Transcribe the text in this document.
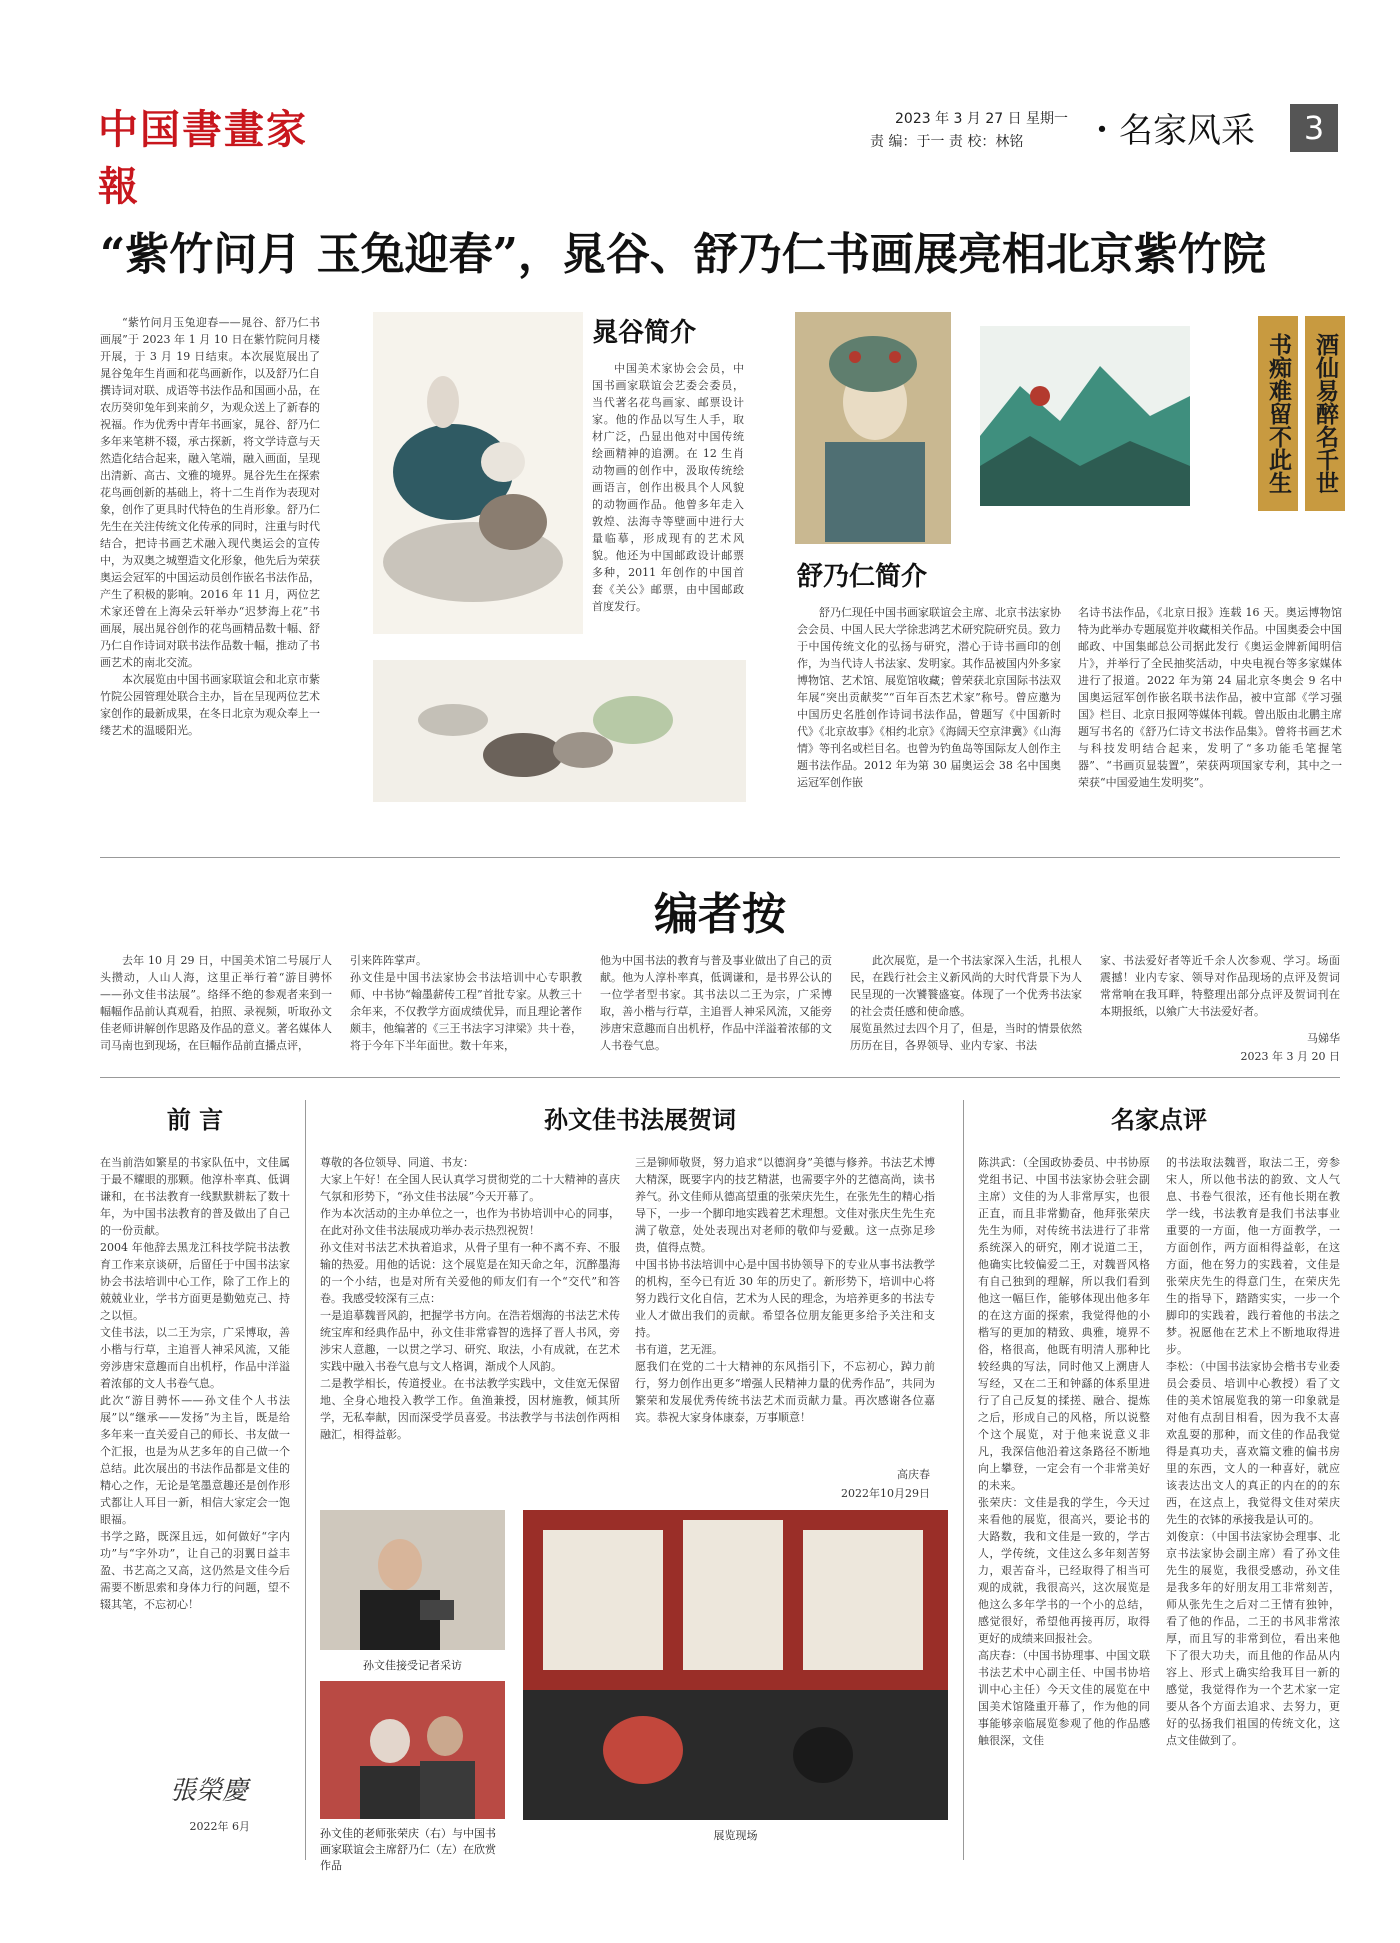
中国書畫家報
2023 年 3 月 27 日 星期一
责 编：于一 责 校：林铭	・名家风采	3
“紫竹问月 玉兔迎春”，晁谷、舒乃仁书画展亮相北京紫竹院
“紫竹问月玉兔迎春——晁谷、舒乃仁书画展”于 2023 年 1 月 10 日在紫竹院问月楼开展，于 3 月 19 日结束。本次展览展出了晁谷兔年生肖画和花鸟画新作，以及舒乃仁自撰诗词对联、成语等书法作品和国画小品，在农历癸卯兔年到来前夕，为观众送上了新春的祝福。作为优秀中青年书画家，晁谷、舒乃仁多年来笔耕不辍，承古探新，将文学诗意与天然造化结合起来，融入笔端，融入画面，呈现出清新、高古、文雅的境界。晁谷先生在探索花鸟画创新的基础上，将十二生肖作为表现对象，创作了更具时代特色的生肖形象。舒乃仁先生在关注传统文化传承的同时，注重与时代结合，把诗书画艺术融入现代奥运会的宣传中，为双奥之城塑造文化形象，他先后为荣获奥运会冠军的中国运动员创作嵌名书法作品，产生了积极的影响。2016 年 11 月，两位艺术家还曾在上海朵云轩举办“迟梦海上花”书画展，展出晁谷创作的花鸟画精品数十幅、舒乃仁自作诗词对联书法作品数十幅，推动了书画艺术的南北交流。
本次展览由中国书画家联谊会和北京市紫竹院公园管理处联合主办，旨在呈现两位艺术家创作的最新成果，在冬日北京为观众奉上一缕艺术的温暖阳光。
晁谷简介
中国美术家协会会员，中国书画家联谊会艺委会委员，当代著名花鸟画家、邮票设计家。他的作品以写生人手，取材广泛，凸显出他对中国传统绘画精神的追溯。在 12 生肖动物画的创作中，汲取传统绘画语言，创作出极具个人风貌的动物画作品。他曾多年走入敦煌、法海寺等壁画中进行大量临摹，形成现有的艺术风貌。他还为中国邮政设计邮票多种，2011 年创作的中国首套《关公》邮票，由中国邮政首度发行。
书痴难留不此生 酒仙易醉名千世
舒乃仁简介
舒乃仁现任中国书画家联谊会主席、北京书法家协会会员、中国人民大学徐悲鸿艺术研究院研究员。致力于中国传统文化的弘扬与研究，潜心于诗书画印的创作，为当代诗人书法家、发明家。其作品被国内外多家博物馆、艺术馆、展览馆收藏；曾荣获北京国际书法双年展“突出贡献奖”“百年百杰艺术家”称号。曾应邀为中国历史名胜创作诗词书法作品，曾题写《中国新时代》《北京故事》《相约北京》《海阔天空京津冀》《山海情》等刊名或栏目名。也曾为钓鱼岛等国际友人创作主题书法作品。2012 年为第 30 届奥运会 38 名中国奥运冠军创作嵌
名诗书法作品，《北京日报》连载 16 天。奥运博物馆特为此举办专题展览并收藏相关作品。中国奥委会中国邮政、中国集邮总公司据此发行《奥运金牌新闻明信片》，并举行了全民抽奖活动，中央电视台等多家媒体进行了报道。2022 年为第 24 届北京冬奥会 9 名中国奥运冠军创作嵌名联书法作品，被中宣部《学习强国》栏目、北京日报网等媒体刊载。曾出版由北鹏主席题写书名的《舒乃仁诗文书法作品集》。曾将书画艺术与科技发明结合起来，发明了“多功能毛笔握笔器”、“书画页显装置”，荣获两项国家专利，其中之一荣获“中国爱迪生发明奖”。
编者按
去年 10 月 29 日，中国美术馆二号展厅人头攒动，人山人海，这里正举行着“游目骋怀——孙文佳书法展”。络绎不绝的参观者来到一幅幅作品前认真观看，拍照、录视频，听取孙文佳老师讲解创作思路及作品的意义。著名媒体人司马南也到现场，在巨幅作品前直播点评，
引来阵阵掌声。
孙文佳是中国书法家协会书法培训中心专职教师、中书协“翰墨薪传工程”首批专家。从教三十余年来，不仅教学方面成绩优异，而且理论著作颇丰，他编著的《三王书法字习津梁》共十卷，将于今年下半年面世。数十年来，
他为中国书法的教育与普及事业做出了自己的贡献。他为人淳朴率真，低调谦和，是书界公认的一位学者型书家。其书法以二王为宗，广采博取，善小楷与行草，主追晋人神采风流，又能旁涉唐宋意趣而自出机杼，作品中洋溢着浓郁的文人书卷气息。
此次展览，是一个书法家深入生活，扎根人民，在践行社会主义新风尚的大时代背景下为人民呈现的一次饕餮盛宴。体现了一个优秀书法家的社会责任感和使命感。
展览虽然过去四个月了，但是，当时的情景依然历历在目，各界领导、业内专家、书法
家、书法爱好者等近千余人次参观、学习。场面震撼！业内专家、领导对作品现场的点评及贺词常常响在我耳畔，特整理出部分点评及贺词刊在本期报纸，以飨广大书法爱好者。
马娣华
2023 年 3 月 20 日
前 言
在当前浩如繁星的书家队伍中，文佳属于最不耀眼的那颗。他淳朴率真、低调谦和，在书法教育一线默默耕耘了数十年，为中国书法教育的普及做出了自己的一份贡献。
2004 年他辞去黑龙江科技学院书法教育工作来京谈研，后留任于中国书法家协会书法培训中心工作，除了工作上的兢兢业业，学书方面更是勤勉克己、持之以恒。
文佳书法，以二王为宗，广采博取，善小楷与行草，主追晋人神采风流，又能旁涉唐宋意趣而自出机杼，作品中洋溢着浓郁的文人书卷气息。
此次“游目骋怀——孙文佳个人书法展”以“继承——发扬”为主旨，既是给多年来一直关爱自己的师长、书友做一个汇报，也是为从艺多年的自己做一个总结。此次展出的书法作品都是文佳的精心之作，无论是笔墨意趣还是创作形式都让人耳目一新，相信大家定会一饱眼福。
书学之路，既深且远，如何做好“字内功”与“字外功”，让自己的羽翼日益丰盈、书艺高之又高，这仍然是文佳今后需要不断思索和身体力行的问题，望不辍其笔，不忘初心！
張榮慶
2022年 6月
孙文佳书法展贺词
尊敬的各位领导、同道、书友：
大家上午好！在全国人民认真学习贯彻党的二十大精神的喜庆气氛和形势下，“孙文佳书法展”今天开幕了。
作为本次活动的主办单位之一，也作为书协培训中心的同事，在此对孙文佳书法展成功举办表示热烈祝贺！
孙文佳对书法艺术执着追求，从骨子里有一种不离不弃、不服输的热爱。用他的话说：这个展览是在知天命之年，沉醉墨海的一个小结，也是对所有关爱他的师友们有一个“交代”和答卷。我感受较深有三点：
一是追摹魏晋风韵，把握学书方向。在浩若烟海的书法艺术传统宝库和经典作品中，孙文佳非常睿智的选择了晋人书风，旁涉宋人意趣，一以贯之学习、研究、取法，小有成就，在艺术实践中融入书卷气息与文人格调，渐成个人风韵。
二是教学相长，传道授业。在书法教学实践中，文佳宽无保留地、全身心地投入教学工作。鱼渔兼授，因材施教，倾其所学，无私奉献，因而深受学员喜爱。书法教学与书法创作两相融汇，相得益彰。
三是铆师敬贤，努力追求“以德润身”美德与修养。书法艺术博大精深，既要字内的技艺精湛，也需要字外的艺德高尚，读书养气。孙文佳师从德高望重的张荣庆先生，在张先生的精心指导下，一步一个脚印地实践着艺术理想。文佳对张庆生先生充满了敬意，处处表现出对老师的敬仰与爱戴。这一点弥足珍贵，值得点赞。
中国书协书法培训中心是中国书协领导下的专业从事书法教学的机构，至今已有近 30 年的历史了。新形势下，培训中心将努力践行文化自信，艺术为人民的理念，为培养更多的书法专业人才做出我们的贡献。希望各位朋友能更多给予关注和支持。
书有道，艺无涯。
愿我们在党的二十大精神的东风指引下，不忘初心，踔力前行，努力创作出更多“增强人民精神力量的优秀作品”，共同为繁荣和发展优秀传统书法艺术而贡献力量。再次感谢各位嘉宾。恭祝大家身体康泰，万事顺意！
高庆春
2022年10月29日
孙文佳接受记者采访
孙文佳的老师张荣庆（右）与中国书画家联谊会主席舒乃仁（左）在欣赏作品
展览现场
名家点评
陈洪武：（全国政协委员、中书协原党组书记、中国书法家协会驻会副主席）文佳的为人非常厚实，也很正直，而且非常勤奋，他拜张荣庆先生为师，对传统书法进行了非常系统深入的研究，刚才说道二王，他确实比较偏爱二王，对魏晋风格有自己独到的理解，所以我们看到他这一幅巨作，能够体现出他多年的在这方面的探索，我觉得他的小楷写的更加的精致、典雅，境界不俗，格很高，他既有明清人那种比较经典的写法，同时他又上溯唐人写经，又在二王和钟繇的体系里进行了自己反复的揉搓、融合、提炼之后，形成自己的风格，所以说整个这个展览，对于他来说意义非凡，我深信他沿着这条路径不断地向上攀登，一定会有一个非常美好的未来。
张荣庆：文佳是我的学生，今天过来看他的展览，很高兴，要论书的大路数，我和文佳是一致的，学古人，学传统，文佳这么多年刻苦努力，艰苦奋斗，已经取得了相当可观的成就，我很高兴，这次展览是他这么多年学书的一个小的总结，感觉很好，希望他再接再厉，取得更好的成绩来回报社会。
高庆春：（中国书协理事、中国文联书法艺术中心副主任、中国书协培训中心主任）今天文佳的展览在中国美术馆隆重开幕了，作为他的同事能够亲临展览参观了他的作品感触很深，文佳
的书法取法魏晋，取法二王，旁参宋人，所以他书法的韵致、文人气息、书卷气很浓，还有他长期在教学一线，书法教育是我们书法事业重要的一方面，他一方面教学，一方面创作，两方面相得益彰，在这方面，他在努力的实践着，文佳是张荣庆先生的得意门生，在荣庆先生的指导下，踏踏实实，一步一个脚印的实践着，践行着他的书法之梦。祝愿他在艺术上不断地取得进步。
李松：（中国书法家协会楷书专业委员会委员、培训中心教授）看了文佳的美术馆展览我的第一印象就是对他有点刮目相看，因为我不太喜欢乱耍的那种，而文佳的作品我觉得是真功夫，喜欢篇文雅的偏书房里的东西，文人的一种喜好，就应该表达出文人的真正的内在的的东西，在这点上，我觉得文佳对荣庆先生的衣钵的承接我是认可的。
刘俊京：（中国书法家协会理事、北京书法家协会副主席）看了孙文佳先生的展览，我很受感动，孙文佳是我多年的好朋友用工非常刻苦，师从张先生之后对二王情有独钟，看了他的作品，二王的书风非常浓厚，而且写的非常到位，看出来他下了很大功夫，而且他的作品从内容上、形式上确实给我耳目一新的感觉，我觉得作为一个艺术家一定要从各个方面去追求、去努力，更好的弘扬我们祖国的传统文化，这点文佳做到了。
